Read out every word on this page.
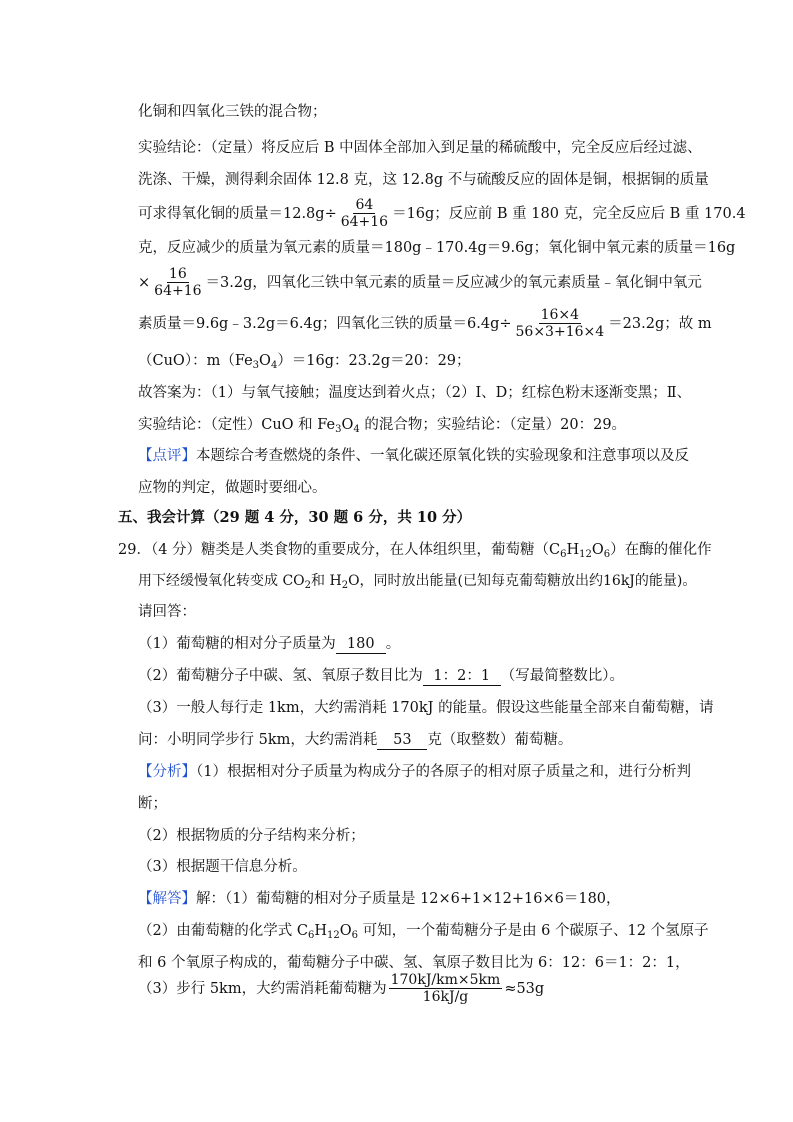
化铜和四氧化三铁的混合物；
实验结论：（定量）将反应后 B 中固体全部加入到足量的稀硫酸中，完全反应后经过滤、
洗涤、干燥，测得剩余固体 12.8 克，这 12.8g 不与硫酸反应的固体是铜，根据铜的质量
可求得氧化铜的质量$=12.8g\div \frac{64}{64+16} =16g$；反应前 B 重 180 克，完全反应后 B 重 170.4
克，反应减少的质量为氧元素的质量＝180g﹣170.4g＝9.6g；氧化铜中氧元素的质量＝16g
× $\frac{16}{64+16} =3.2g$，四氧化三铁中氧元素的质量＝反应减少的氧元素质量﹣氧化铜中氧元
素质量＝9.6g﹣3.2g＝6.4g；四氧化三铁的质量$=6.4g\div \frac{16\times 4}{56\times 3+16\times 4} =23.2g$；故 m
（CuO）：$m(Fe_3O_4)=16g$：23.2g＝20：29；
故答案为：（1）与氧气接触；温度达到着火点；（2）Ⅰ、D；红棕色粉末逐渐变黑；Ⅱ、
实验结论：（定性）CuO 和 $Fe_3O_4$ 的混合物；实验结论：（定量）20：29。
【点评】本题综合考查燃烧的条件、一氧化碳还原氧化铁的实验现象和注意事项以及反
应物的判定，做题时要细心。
五、我会计算（29 题 4 分，30 题 6 分，共 10 分）
29．（4 分）糖类是人类食物的重要成分，在人体组织里，葡萄糖$(C_6H_{12}O_6)$在酶的催化作
用下经缓慢氧化转变成 $CO_2$和 $H_2O$，同时放出能量(已知每克葡萄糖放出约16kJ的能量)。
请回答：
（1）葡萄糖的相对分子质量为 180 。
（2）葡萄糖分子中碳、氢、氧原子数目比为 1：2：1 （写最简整数比）。
（3）一般人每行走 1km，大约需消耗 170kJ 的能量。假设这些能量全部来自葡萄糖，请
问：小明同学步行 5km，大约需消耗 53 克（取整数）葡萄糖。
【分析】（1）根据相对分子质量为构成分子的各原子的相对原子质量之和，进行分析判
断；
（2）根据物质的分子结构来分析；
（3）根据题干信息分析。
【解答】解：（1）葡萄糖的相对分子质量是 12×6+1×12+16×6＝180，
（2）由葡萄糖的化学式 $C_6H_{12}O_6$ 可知，一个葡萄糖分子是由 6 个碳原子、12 个氢原子
和 6 个氧原子构成的，葡萄糖分子中碳、氢、氧原子数目比为 6：12：6＝1：2：1，
（3）步行 5km，大约需消耗葡萄糖为 $\frac{170kJ/km\times 5km}{16kJ/g} \approx 53g$
